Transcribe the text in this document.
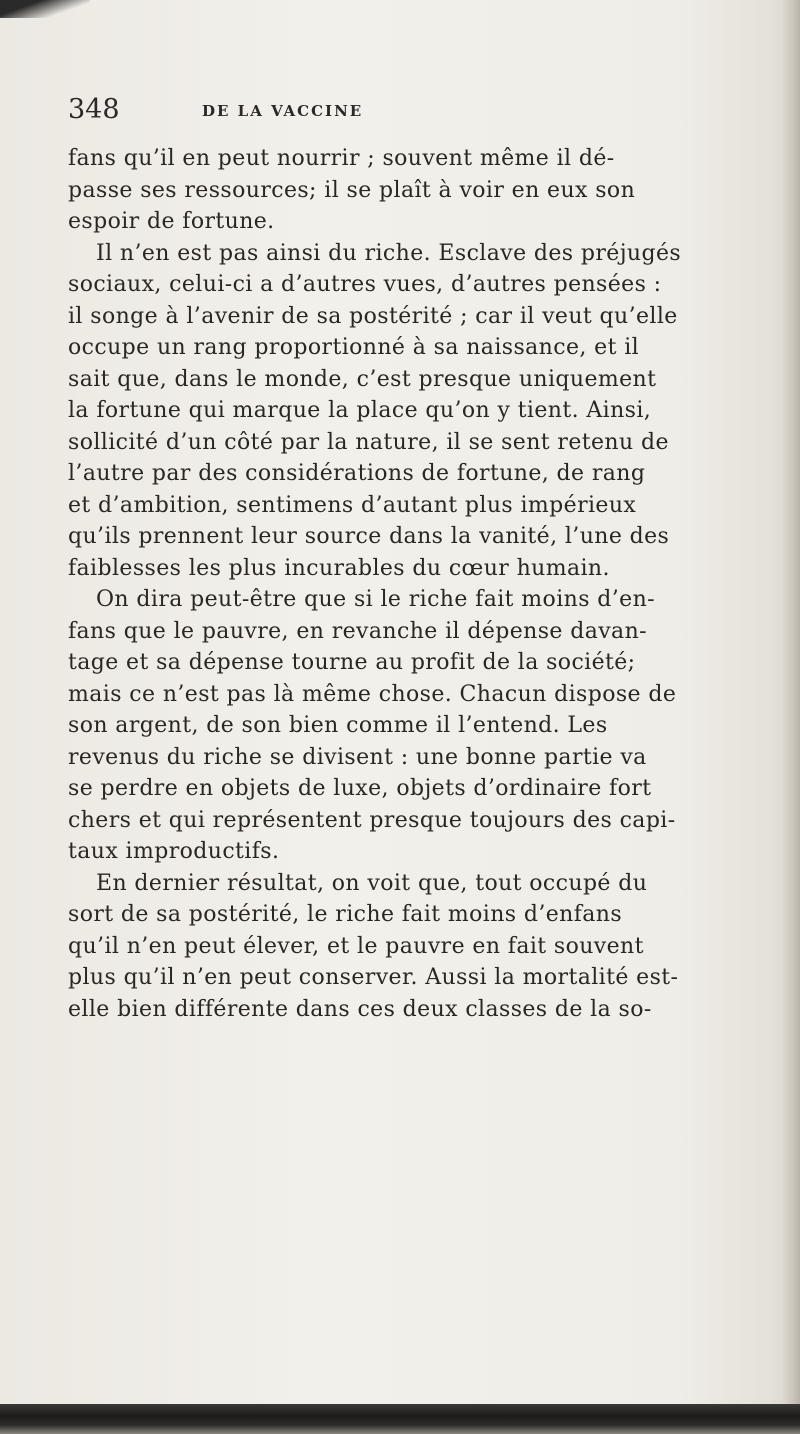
348	DE LA VACCINE
fans qu’il en peut nourrir ; souvent même il dé-
passe ses ressources; il se plaît à voir en eux son
espoir de fortune.
Il n’en est pas ainsi du riche. Esclave des préjugés
sociaux, celui-ci a d’autres vues, d’autres pensées :
il songe à l’avenir de sa postérité ; car il veut qu’elle
occupe un rang proportionné à sa naissance, et il
sait que, dans le monde, c’est presque uniquement
la fortune qui marque la place qu’on y tient. Ainsi,
sollicité d’un côté par la nature, il se sent retenu de
l’autre par des considérations de fortune, de rang
et d’ambition, sentimens d’autant plus impérieux
qu’ils prennent leur source dans la vanité, l’une des
faiblesses les plus incurables du cœur humain.
On dira peut-être que si le riche fait moins d’en-
fans que le pauvre, en revanche il dépense davan-
tage et sa dépense tourne au profit de la société;
mais ce n’est pas là même chose. Chacun dispose de
son argent, de son bien comme il l’entend. Les
revenus du riche se divisent : une bonne partie va
se perdre en objets de luxe, objets d’ordinaire fort
chers et qui représentent presque toujours des capi-
taux improductifs.
En dernier résultat, on voit que, tout occupé du
sort de sa postérité, le riche fait moins d’enfans
qu’il n’en peut élever, et le pauvre en fait souvent
plus qu’il n’en peut conserver. Aussi la mortalité est-
elle bien différente dans ces deux classes de la so-
